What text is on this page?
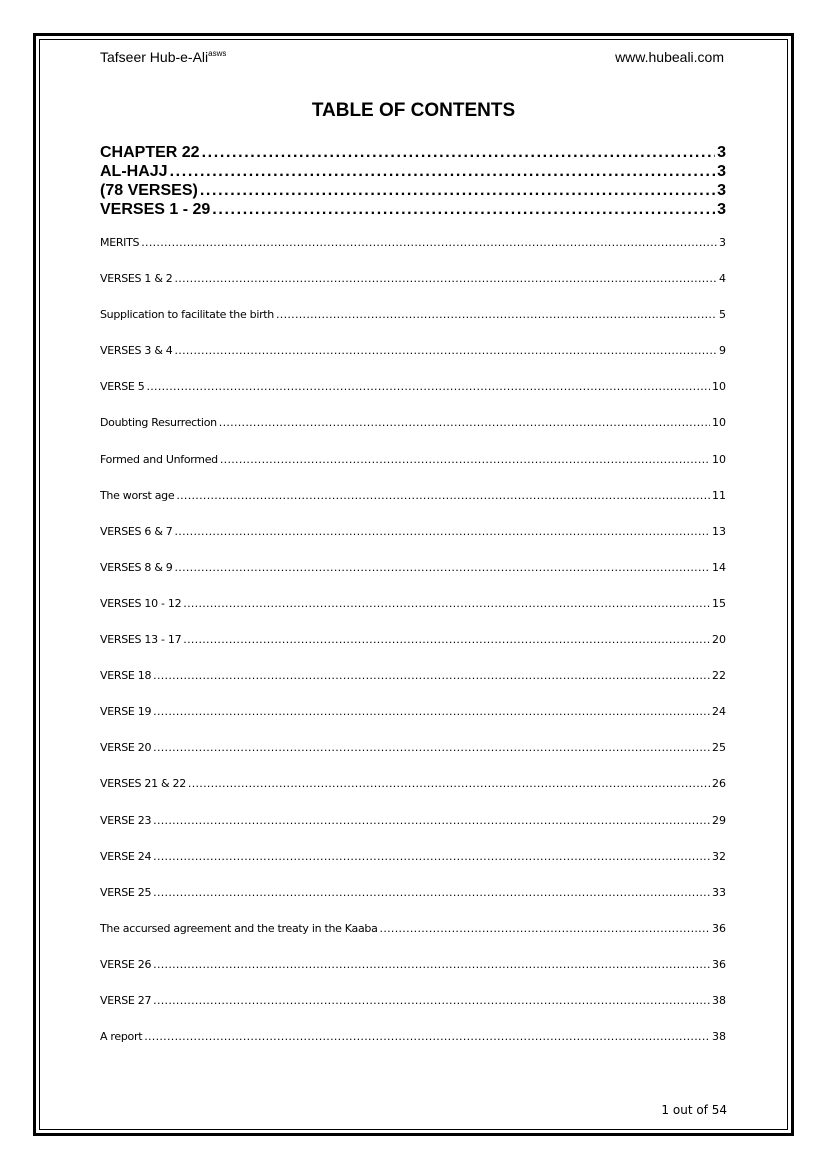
Tafseer Hub-e-Ali$^{asws}$	www.hubeali.com
TABLE OF CONTENTS
CHAPTER 22 . . .	3
AL-HAJJ . . .	3
(78 VERSES) . . .	3
VERSES 1 - 29 . . .	3
MERITS . . .	3
VERSES 1 & 2 . . .	4
Supplication to facilitate the birth . . .	5
VERSES 3 & 4 . . .	9
VERSE 5 . . .	10
Doubting Resurrection . . .	10
Formed and Unformed . . .	10
The worst age . . .	11
VERSES 6 & 7 . . .	13
VERSES 8 & 9 . . .	14
VERSES 10 - 12 . . .	15
VERSES 13 - 17 . . .	20
VERSE 18 . . .	22
VERSE 19 . . .	24
VERSE 20 . . .	25
VERSES 21 & 22 . . .	26
VERSE 23 . . .	29
VERSE 24 . . .	32
VERSE 25 . . .	33
The accursed agreement and the treaty in the Kaaba . . .	36
VERSE 26 . . .	36
VERSE 27 . . .	38
A report . . .	38
1 out of 54
